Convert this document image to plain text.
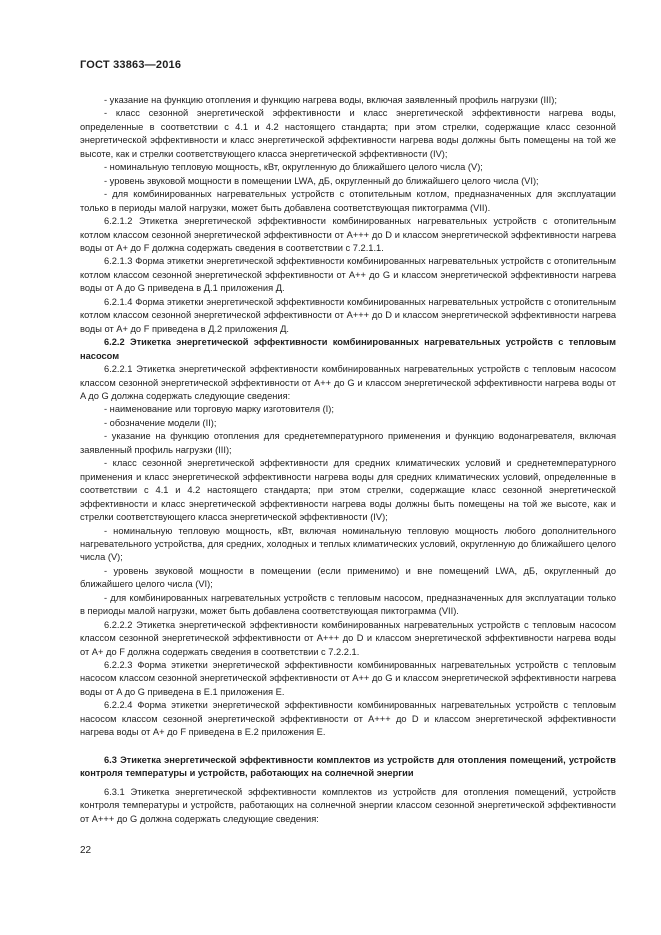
ГОСТ 33863—2016

- указание на функцию отопления и функцию нагрева воды, включая заявленный профиль нагрузки (III);

- класс сезонной энергетической эффективности и класс энергетической эффективности нагрева воды, определенные в соответствии с 4.1 и 4.2 настоящего стандарта; при этом стрелки, содержащие класс сезонной энергетической эффективности и класс энергетической эффективности нагрева воды должны быть помещены на той же высоте, как и стрелки соответствующего класса энергетической эффективности (IV);

- номинальную тепловую мощность, кВт, округленную до ближайшего целого числа (V);

- уровень звуковой мощности в помещении LWA, дБ, округленный до ближайшего целого числа (VI);

- для комбинированных нагревательных устройств с отопительным котлом, предназначенных для эксплуатации только в периоды малой нагрузки, может быть добавлена соответствующая пиктограмма (VII).

6.2.1.2 Этикетка энергетической эффективности комбинированных нагревательных устройств с отопительным котлом классом сезонной энергетической эффективности от A+++ до D и классом энергетической эффективности нагрева воды от A+ до F должна содержать сведения в соответствии с 7.2.1.1.

6.2.1.3 Форма этикетки энергетической эффективности комбинированных нагревательных устройств с отопительным котлом классом сезонной энергетической эффективности от A++ до G и классом энергетической эффективности нагрева воды от A до G приведена в Д.1 приложения Д.

6.2.1.4 Форма этикетки энергетической эффективности комбинированных нагревательных устройств с отопительным котлом классом сезонной энергетической эффективности от A+++ до D и классом энергетической эффективности нагрева воды от A+ до F приведена в Д.2 приложения Д.

6.2.2 Этикетка энергетической эффективности комбинированных нагревательных устройств с тепловым насосом

6.2.2.1 Этикетка энергетической эффективности комбинированных нагревательных устройств с тепловым насосом классом сезонной энергетической эффективности от A++ до G и классом энергетической эффективности нагрева воды от A до G должна содержать следующие сведения:

- наименование или торговую марку изготовителя (I);

- обозначение модели (II);

- указание на функцию отопления для среднетемпературного применения и функцию водонагревателя, включая заявленный профиль нагрузки (III);

- класс сезонной энергетической эффективности для средних климатических условий и среднетемпературного применения и класс энергетической эффективности нагрева воды для средних климатических условий, определенные в соответствии с 4.1 и 4.2 настоящего стандарта; при этом стрелки, содержащие класс сезонной энергетической эффективности и класс энергетической эффективности нагрева воды должны быть помещены на той же высоте, как и стрелки соответствующего класса энергетической эффективности (IV);

- номинальную тепловую мощность, кВт, включая номинальную тепловую мощность любого дополнительного нагревательного устройства, для средних, холодных и теплых климатических условий, округленную до ближайшего целого числа (V);

- уровень звуковой мощности в помещении (если применимо) и вне помещений LWA, дБ, округленный до ближайшего целого числа (VI);

- для комбинированных нагревательных устройств с тепловым насосом, предназначенных для эксплуатации только в периоды малой нагрузки, может быть добавлена соответствующая пиктограмма (VII).

6.2.2.2 Этикетка энергетической эффективности комбинированных нагревательных устройств с тепловым насосом классом сезонной энергетической эффективности от A+++ до D и классом энергетической эффективности нагрева воды от A+ до F должна содержать сведения в соответствии с 7.2.2.1.

6.2.2.3 Форма этикетки энергетической эффективности комбинированных нагревательных устройств с тепловым насосом классом сезонной энергетической эффективности от A++ до G и классом энергетической эффективности нагрева воды от A до G приведена в Е.1 приложения Е.

6.2.2.4 Форма этикетки энергетической эффективности комбинированных нагревательных устройств с тепловым насосом классом сезонной энергетической эффективности от A+++ до D и классом энергетической эффективности нагрева воды от A+ до F приведена в Е.2 приложения Е.

6.3 Этикетка энергетической эффективности комплектов из устройств для отопления помещений, устройств контроля температуры и устройств, работающих на солнечной энергии

6.3.1 Этикетка энергетической эффективности комплектов из устройств для отопления помещений, устройств контроля температуры и устройств, работающих на солнечной энергии классом сезонной энергетической эффективности от A+++ до G должна содержать следующие сведения:

22
